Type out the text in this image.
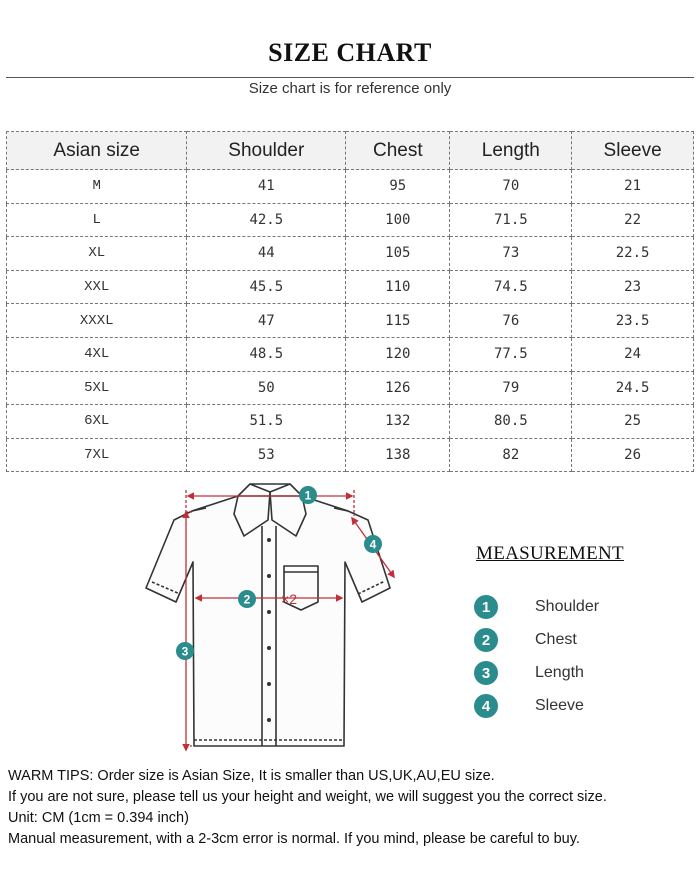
SIZE CHART
Size chart is for reference only
Asian size	Shoulder	Chest	Length	Sleeve
M	41	95	70	21
L	42.5	100	71.5	22
XL	44	105	73	22.5
XXL	45.5	110	74.5	23
XXXL	47	115	76	23.5
4XL	48.5	120	77.5	24
5XL	50	126	79	24.5
6XL	51.5	132	80.5	25
7XL	53	138	82	26
1
2 ×2
3
4	MEASUREMENT
1	Shoulder
2	Chest
3	Length
4	Sleeve

WARM TIPS: Order size is Asian Size, It is smaller than US,UK,AU,EU size.

If you are not sure, please tell us your height and weight, we will suggest you the correct size.

Unit: CM (1cm = 0.394 inch)

Manual measurement, with a 2-3cm error is normal. If you mind, please be careful to buy.
